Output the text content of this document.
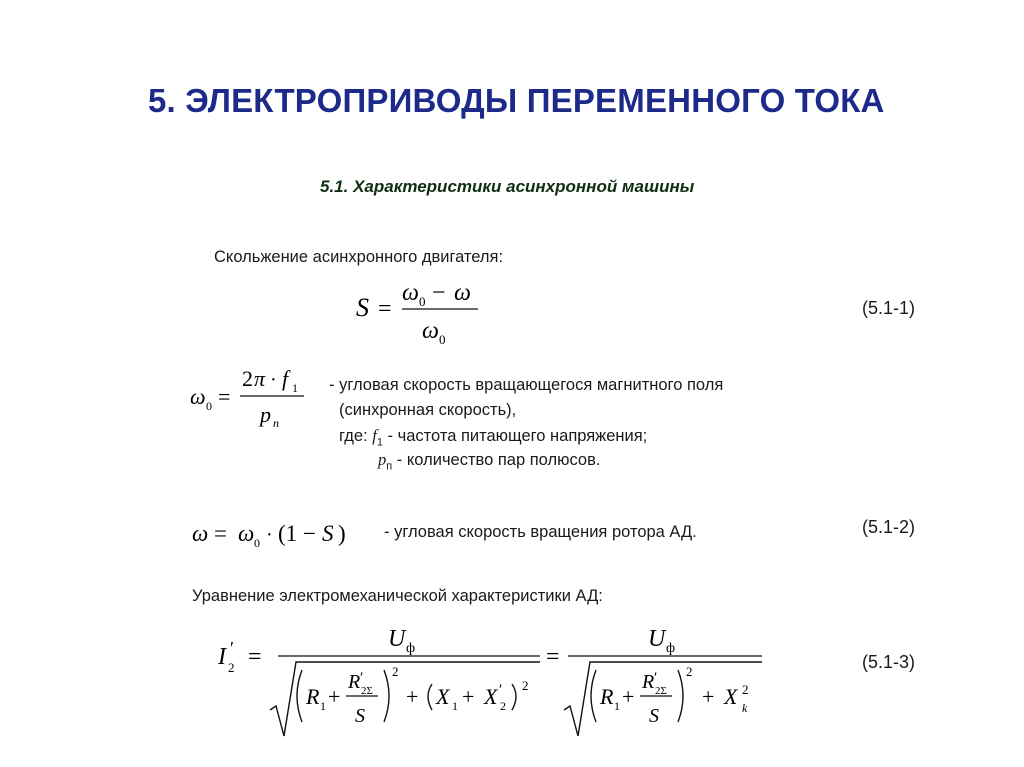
5. ЭЛЕКТРОПРИВОДЫ ПЕРЕМЕННОГО ТОКА
5.1. Характеристики асинхронной машины
Скольжение асинхронного двигателя:
S =
ω 0 − ω
ω 0
(5.1-1)
ω 0 =
2 π · f 1
p n
- угловая скорость вращающегося магнитного поля
(синхронная скорость),
где: $f_1$ - частота питающего напряжения;
$p_п$ - количество пар полюсов.
ω = ω 0 · (1 − S ) - угловая скорость вращения ротора АД.	(5.1-2)
Уравнение электромеханической характеристики АД:
I ′
2 =
U ф
R 1 +
R ′
2Σ
S
2
+ X 1 + X ′
2
2
=
U ф
R 1 +
R ′
2Σ
S
2
+ X 2
k
(5.1-3)
